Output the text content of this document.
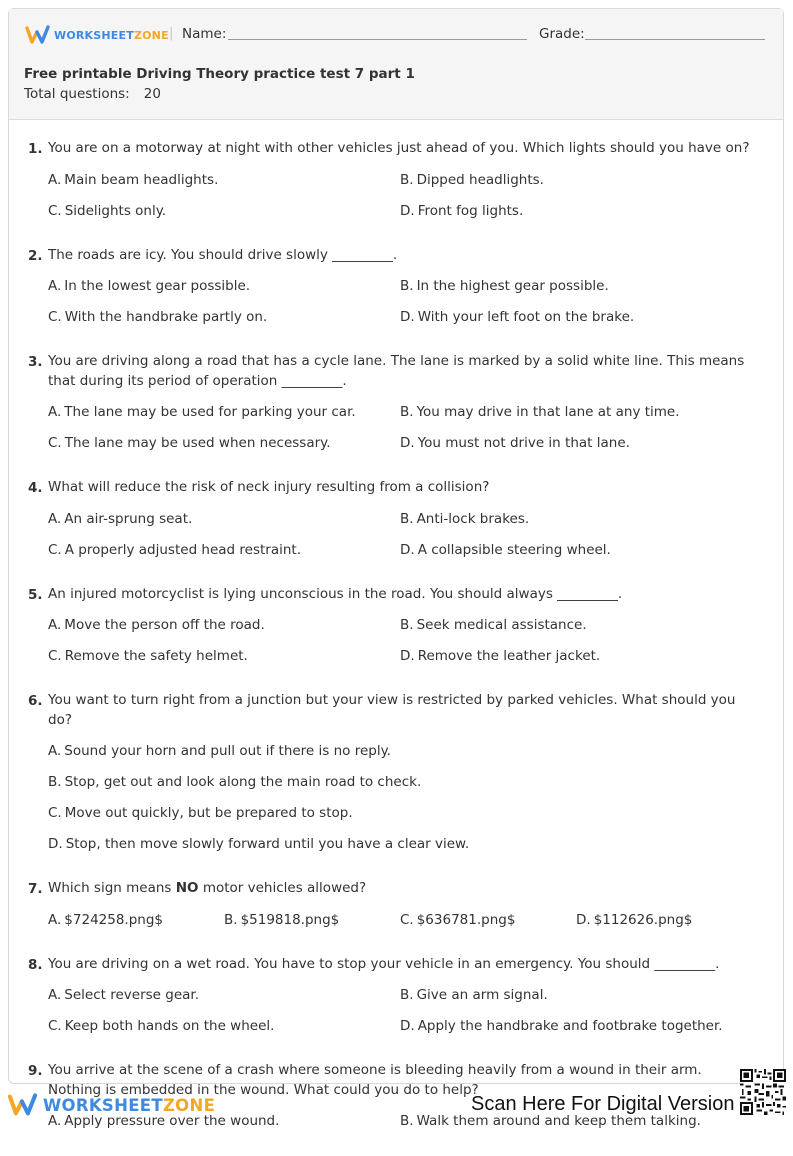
WORKSHEETZONE | Name:	Grade:
Free printable Driving Theory practice test 7 part 1
Total questions: 20
1. You are on a motorway at night with other vehicles just ahead of you. Which lights should you have on?
A. Main beam headlights.	B. Dipped headlights.
C. Sidelights only.	D. Front fog lights.
2. The roads are icy. You should drive slowly _________.
A. In the lowest gear possible.	B. In the highest gear possible.
C. With the handbrake partly on.	D. With your left foot on the brake.
3. You are driving along a road that has a cycle lane. The lane is marked by a solid white line. This means that during its period of operation _________.
A. The lane may be used for parking your car.	B. You may drive in that lane at any time.
C. The lane may be used when necessary.	D. You must not drive in that lane.
4. What will reduce the risk of neck injury resulting from a collision?
A. An air-sprung seat.	B. Anti-lock brakes.
C. A properly adjusted head restraint.	D. A collapsible steering wheel.
5. An injured motorcyclist is lying unconscious in the road. You should always _________.
A. Move the person off the road.	B. Seek medical assistance.
C. Remove the safety helmet.	D. Remove the leather jacket.
6. You want to turn right from a junction but your view is restricted by parked vehicles. What should you do?
A. Sound your horn and pull out if there is no reply.
B. Stop, get out and look along the main road to check.
C. Move out quickly, but be prepared to stop.
D. Stop, then move slowly forward until you have a clear view.
7. Which sign means NO motor vehicles allowed?
A. $724258.png$	B. $519818.png$	C. $636781.png$	D. $112626.png$
8. You are driving on a wet road. You have to stop your vehicle in an emergency. You should _________.
A. Select reverse gear.	B. Give an arm signal.
C. Keep both hands on the wheel.	D. Apply the handbrake and footbrake together.
9. You arrive at the scene of a crash where someone is bleeding heavily from a wound in their arm. Nothing is embedded in the wound. What could you do to help?
A. Apply pressure over the wound.	B. Walk them around and keep them talking.
WORKSHEETZONE	Scan Here For Digital Version
